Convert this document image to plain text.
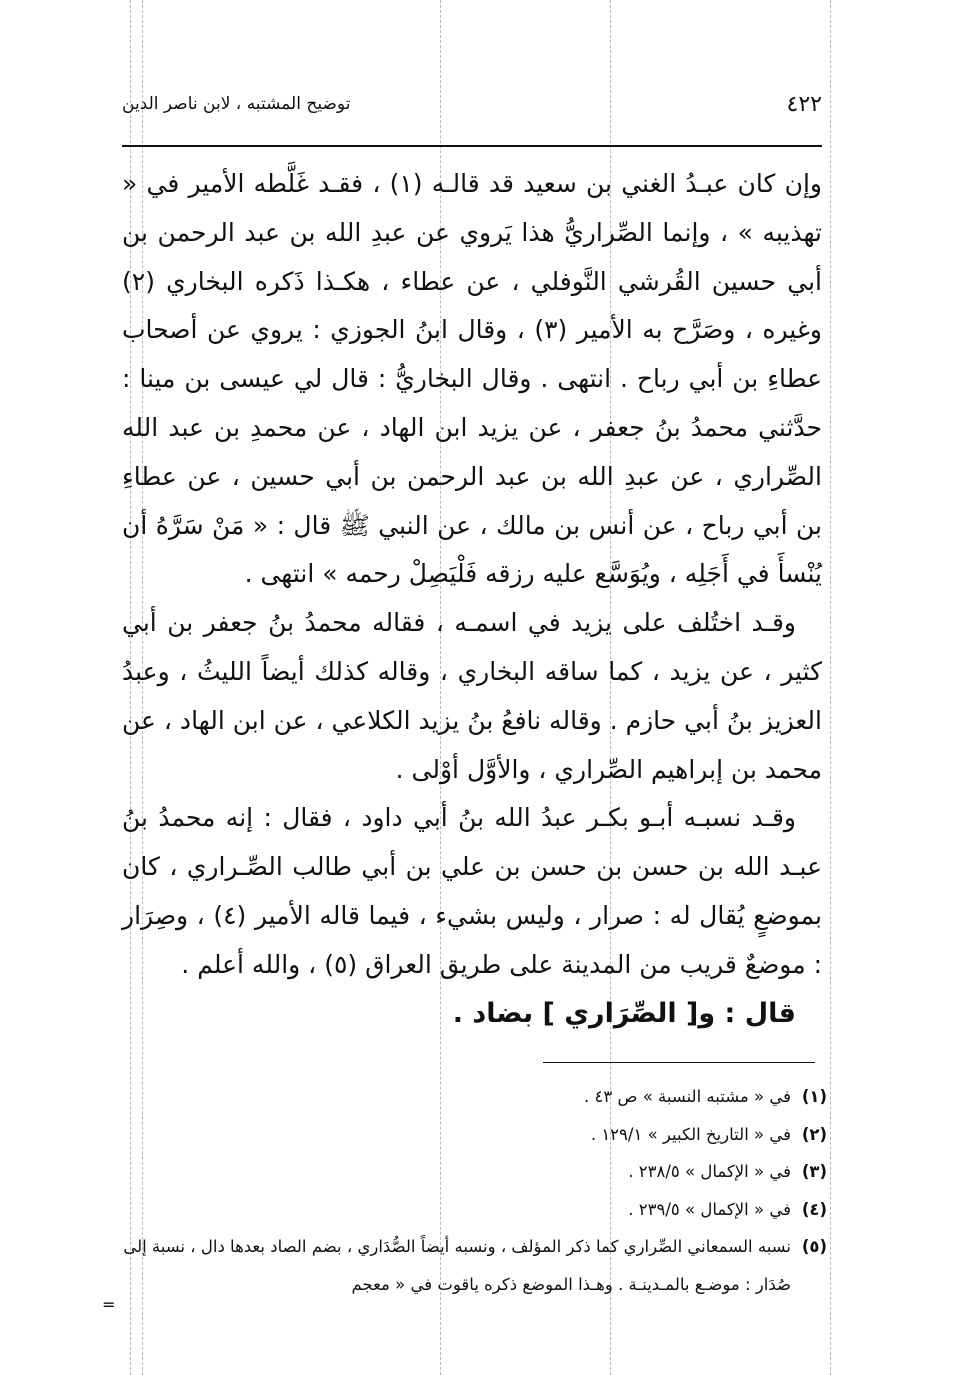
٤٢٢
توضيح المشتبه ، لابن ناصر الدين

وإن كان عبـدُ الغني بن سعيد قد قالـه (١) ، فقـد غَلَّطه الأمير في « تهذيبه » ، وإنما الصِّراريُّ هذا يَروي عن عبدِ الله بن عبد الرحمن بن أبي حسين القُرشي النَّوفلي ، عن عطاء ، هكـذا ذَكره البخاري (٢) وغيره ، وصَرَّح به الأمير (٣) ، وقال ابنُ الجوزي : يروي عن أصحاب عطاءِ بن أبي رباح . انتهى . وقال البخاريُّ : قال لي عيسى بن مينا : حدَّثني محمدُ بنُ جعفر ، عن يزيد ابن الهاد ، عن محمدِ بن عبد الله الصِّراري ، عن عبدِ الله بن عبد الرحمن بن أبي حسين ، عن عطاءِ بن أبي رباح ، عن أنس بن مالك ، عن النبي ﷺ قال : « مَنْ سَرَّهُ أن يُنْسأَ في أَجَلِه ، ويُوَسَّع عليه رزقه فَلْيَصِلْ رحمه » انتهى .

وقـد اختُلف على يزيد في اسمـه ، فقاله محمدُ بنُ جعفر بن أبي كثير ، عن يزيد ، كما ساقه البخاري ، وقاله كذلك أيضاً الليثُ ، وعبدُ العزيز بنُ أبي حازم . وقاله نافعُ بنُ يزيد الكلاعي ، عن ابن الهاد ، عن محمد بن إبراهيم الصِّراري ، والأوَّل أوْلى .

وقـد نسبـه أبـو بكـر عبدُ الله بنُ أبي داود ، فقال : إنه محمدُ بنُ عبـد الله بن حسن بن حسن بن علي بن أبي طالب الصِّـراري ، كان بموضعٍ يُقال له : صرار ، وليس بشيء ، فيما قاله الأمير (٤) ، وصِرَار : موضعٌ قريب من المدينة على طريق العراق (٥) ، والله أعلم .

قال : و[ الصِّرَاري ] بضاد .

(١)
في « مشتبه النسبة » ص ٤٣ .

(٢)
في « التاريخ الكبير » ١٢٩/١ .

(٣)
في « الإكمال » ٢٣٨/٥ .

(٤)
في « الإكمال » ٢٣٩/٥ .

(٥)
نسبه السمعاني الصِّراري كما ذكر المؤلف ، ونسبه أيضاً الصُّدَاري ، بضم الصاد بعدها دال ، نسبة إلى صُدَار : موضـع بالمـدينـة . وهـذا الموضع ذكره ياقوت في « معجم

=
